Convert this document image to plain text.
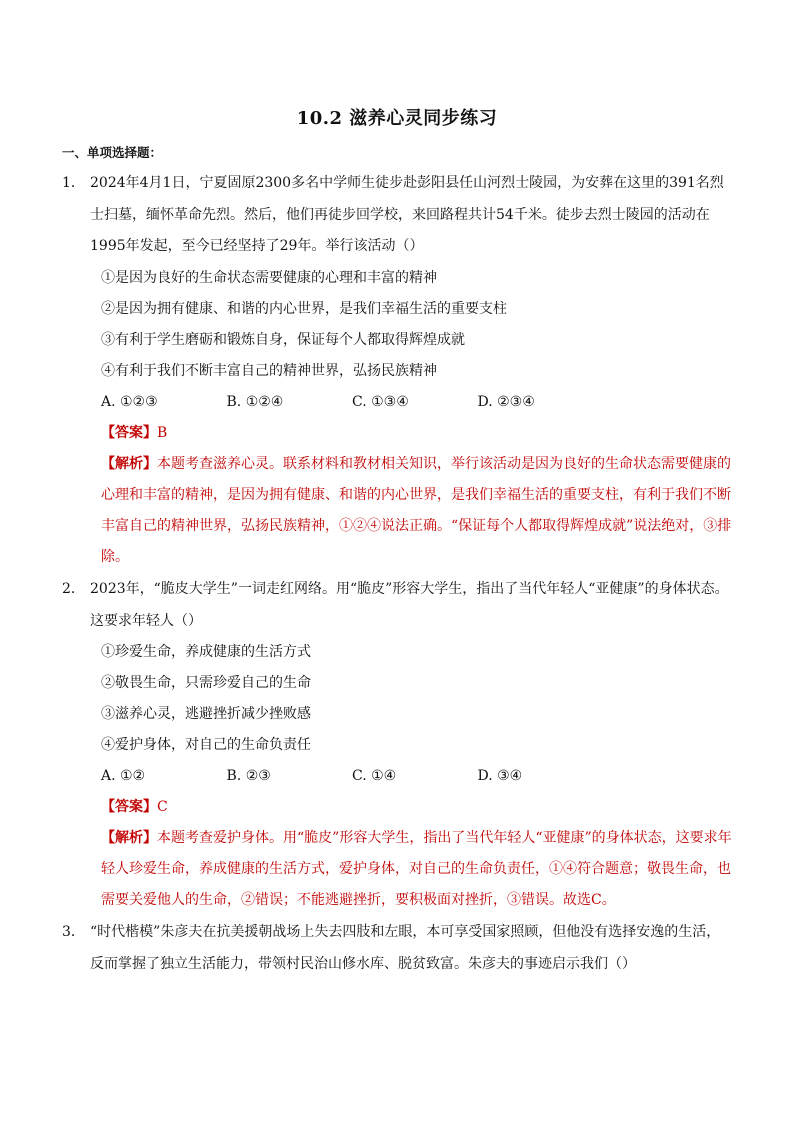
10.2 滋养心灵同步练习
一、单项选择题：
1． 2024年4月1日，宁夏固原2300多名中学师生徒步赴彭阳县任山河烈士陵园，为安葬在这里的391名烈士扫墓，缅怀革命先烈。然后，他们再徒步回学校，来回路程共计54千米。徒步去烈士陵园的活动在1995年发起，至今已经坚持了29年。举行该活动（）
①是因为良好的生命状态需要健康的心理和丰富的精神
②是因为拥有健康、和谐的内心世界，是我们幸福生活的重要支柱
③有利于学生磨砺和锻炼自身，保证每个人都取得辉煌成就
④有利于我们不断丰富自己的精神世界，弘扬民族精神
A. ①②③	B. ①②④	C. ①③④	D. ②③④
【答案】B
【解析】本题考查滋养心灵。联系材料和教材相关知识，举行该活动是因为良好的生命状态需要健康的心理和丰富的精神，是因为拥有健康、和谐的内心世界，是我们幸福生活的重要支柱，有利于我们不断丰富自己的精神世界，弘扬民族精神，①②④说法正确。“保证每个人都取得辉煌成就”说法绝对，③排除。
2． 2023年，“脆皮大学生”一词走红网络。用“脆皮”形容大学生，指出了当代年轻人“亚健康”的身体状态。这要求年轻人（）
①珍爱生命，养成健康的生活方式
②敬畏生命，只需珍爱自己的生命
③滋养心灵，逃避挫折减少挫败感
④爱护身体，对自己的生命负责任
A. ①②	B. ②③	C. ①④	D. ③④
【答案】C
【解析】本题考查爱护身体。用“脆皮”形容大学生，指出了当代年轻人“亚健康”的身体状态，这要求年轻人珍爱生命，养成健康的生活方式，爱护身体，对自己的生命负责任，①④符合题意；敬畏生命，也需要关爱他人的生命，②错误；不能逃避挫折，要积极面对挫折，③错误。故选C。
3． “时代楷模”朱彦夫在抗美援朝战场上失去四肢和左眼，本可享受国家照顾，但他没有选择安逸的生活，反而掌握了独立生活能力，带领村民治山修水库、脱贫致富。朱彦夫的事迹启示我们（）
